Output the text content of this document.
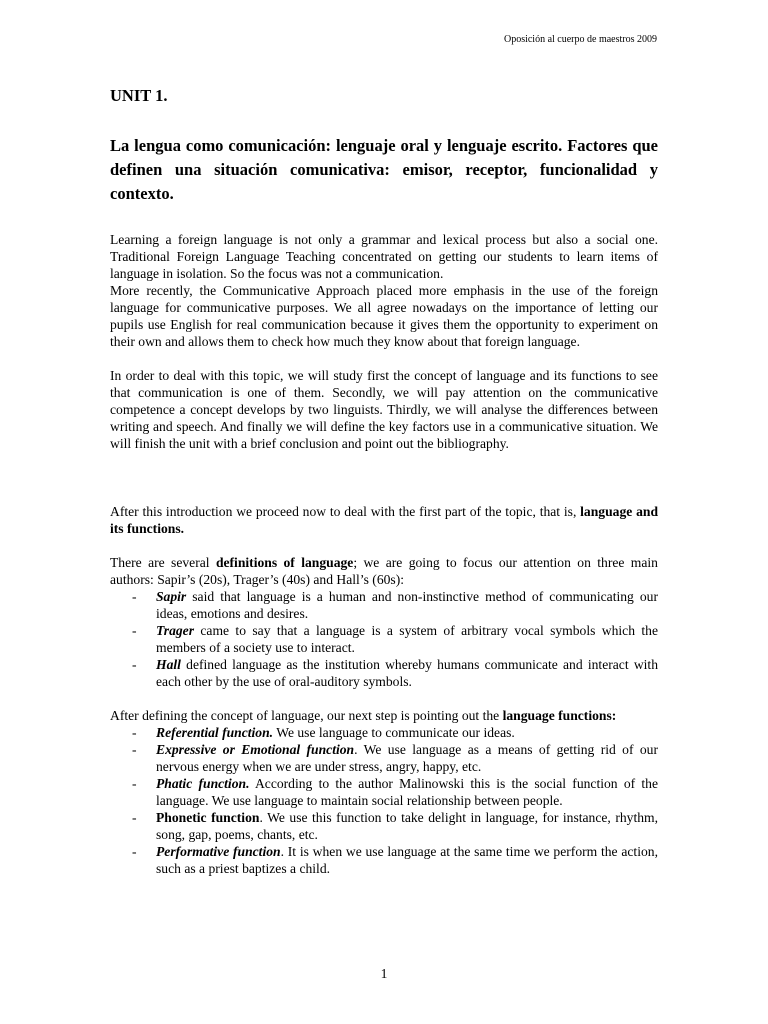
Oposición al cuerpo de maestros 2009
UNIT 1.
La lengua como comunicación: lenguaje oral y lenguaje escrito. Factores que definen una situación comunicativa: emisor, receptor, funcionalidad y contexto.

Learning a foreign language is not only a grammar and lexical process but also a social one. Traditional Foreign Language Teaching concentrated on getting our students to learn items of language in isolation. So the focus was not a communication.

More recently, the Communicative Approach placed more emphasis in the use of the foreign language for communicative purposes. We all agree nowadays on the importance of letting our pupils use English for real communication because it gives them the opportunity to experiment on their own and allows them to check how much they know about that foreign language.

In order to deal with this topic, we will study first the concept of language and its functions to see that communication is one of them. Secondly, we will pay attention on the communicative competence a concept develops by two linguists. Thirdly, we will analyse the differences between writing and speech. And finally we will define the key factors use in a communicative situation. We will finish the unit with a brief conclusion and point out the bibliography.

After this introduction we proceed now to deal with the first part of the topic, that is, language and its functions.

There are several definitions of language; we are going to focus our attention on three main authors: Sapir’s (20s), Trager’s (40s) and Hall’s (60s):

- Sapir said that language is a human and non-instinctive method of communicating our ideas, emotions and desires.
- Trager came to say that a language is a system of arbitrary vocal symbols which the members of a society use to interact.
- Hall defined language as the institution whereby humans communicate and interact with each other by the use of oral-auditory symbols.

After defining the concept of language, our next step is pointing out the language functions:

- Referential function. We use language to communicate our ideas.
- Expressive or Emotional function. We use language as a means of getting rid of our nervous energy when we are under stress, angry, happy, etc.
- Phatic function. According to the author Malinowski this is the social function of the language. We use language to maintain social relationship between people.
- Phonetic function. We use this function to take delight in language, for instance, rhythm, song, gap, poems, chants, etc.
- Performative function. It is when we use language at the same time we perform the action, such as a priest baptizes a child.
1
